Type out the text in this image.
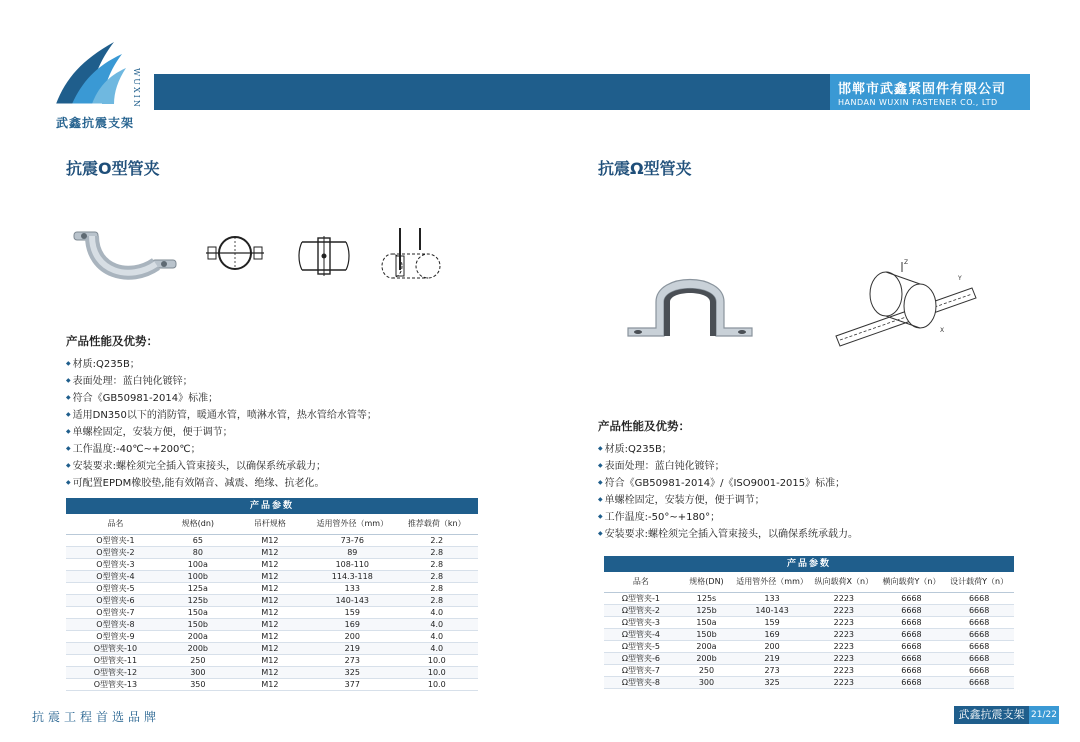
WUXIN
武鑫抗震支架
邯郸市武鑫紧固件有限公司
HANDAN WUXIN FASTENER CO., LTD
抗震O型管夹
产品性能及优势：
◆ 材质:Q235B；
◆ 表面处理：蓝白钝化镀锌；
◆ 符合《GB50981-2014》标准；
◆ 适用DN350以下的消防管，暖通水管，喷淋水管，热水管给水管等；
◆ 单螺栓固定，安装方便，便于调节；
◆ 工作温度:-40℃~+200℃；
◆ 安装要求:螺栓须完全插入管束接头，以确保系统承载力；
◆ 可配置EPDM橡胶垫,能有效隔音、减震、绝缘、抗老化。
产品参数
品名	规格(dn)	吊杆规格	适用管外径（mm）	推荐载荷（kn）
O型管夹-1	65	M12	73-76	2.2
O型管夹-2	80	M12	89	2.8
O型管夹-3	100a	M12	108-110	2.8
O型管夹-4	100b	M12	114.3-118	2.8
O型管夹-5	125a	M12	133	2.8
O型管夹-6	125b	M12	140-143	2.8
O型管夹-7	150a	M12	159	4.0
O型管夹-8	150b	M12	169	4.0
O型管夹-9	200a	M12	200	4.0
O型管夹-10	200b	M12	219	4.0
O型管夹-11	250	M12	273	10.0
O型管夹-12	300	M12	325	10.0
O型管夹-13	350	M12	377	10.0
抗震Ω型管夹
Z
Y
X
产品性能及优势：
◆ 材质:Q235B；
◆ 表面处理：蓝白钝化镀锌；
◆ 符合《GB50981-2014》/《ISO9001-2015》标准；
◆ 单螺栓固定，安装方便，便于调节；
◆ 工作温度:-50°~+180°；
◆ 安装要求:螺栓须完全插入管束接头，以确保系统承载力。
产品参数
品名	规格(DN)	适用管外径（mm）	纵向载荷X（n）	横向载荷Y（n）	设计载荷Y（n）
Ω型管夹-1	125s	133	2223	6668	6668
Ω型管夹-2	125b	140-143	2223	6668	6668
Ω型管夹-3	150a	159	2223	6668	6668
Ω型管夹-4	150b	169	2223	6668	6668
Ω型管夹-5	200a	200	2223	6668	6668
Ω型管夹-6	200b	219	2223	6668	6668
Ω型管夹-7	250	273	2223	6668	6668
Ω型管夹-8	300	325	2223	6668	6668
抗震工程首选品牌	武鑫抗震支架 21/22
